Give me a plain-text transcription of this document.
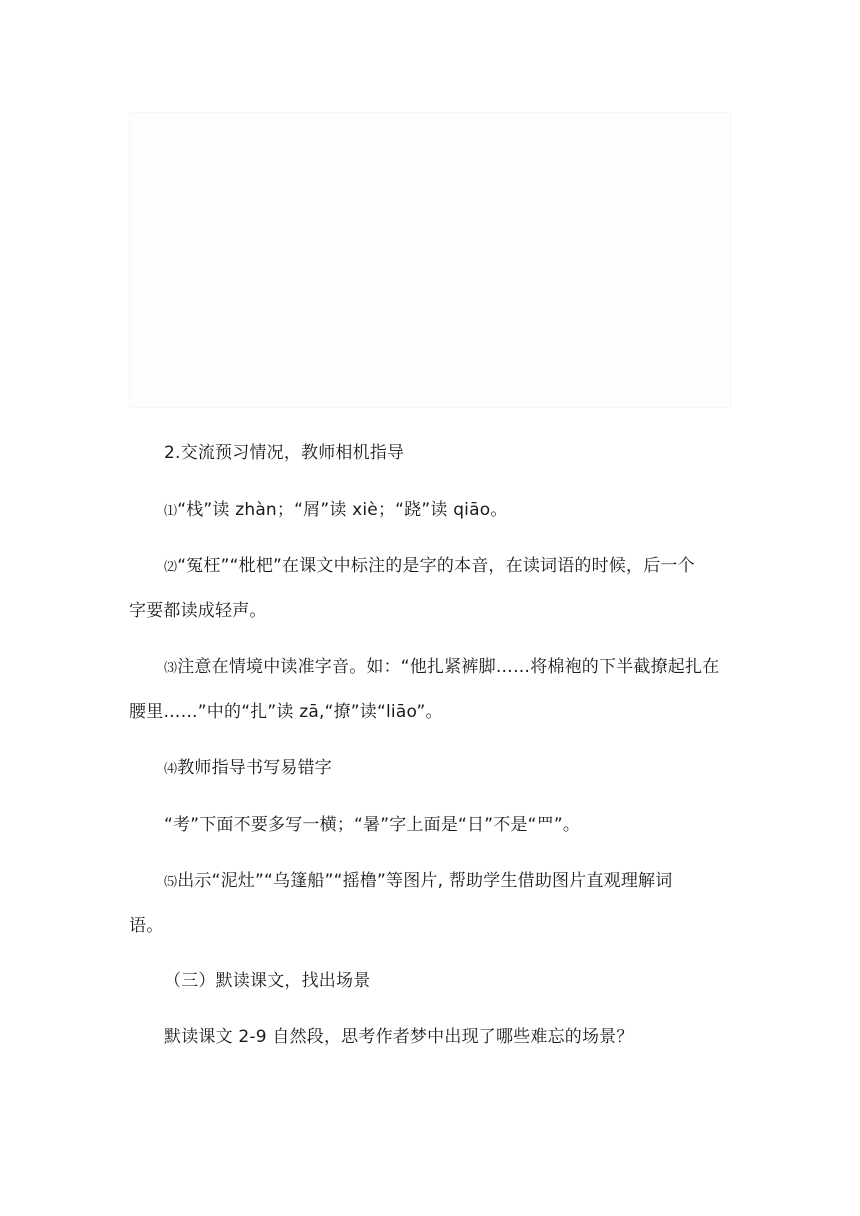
2.交流预习情况，教师相机指导
⑴“栈”读 zhàn；“屑”读 xiè；“跷”读 qiāo。
⑵“冤枉”“枇杷”在课文中标注的是字的本音，在读词语的时候，后一个
字要都读成轻声。
⑶注意在情境中读准字音。如：“他扎紧裤脚……将棉袍的下半截撩起扎在
腰里……”中的“扎”读 zā,“撩”读“liāo”。
⑷教师指导书写易错字
“考”下面不要多写一横；“暑”字上面是“日”不是“罒”。
⑸出示“泥灶”“乌篷船”“摇橹”等图片, 帮助学生借助图片直观理解词
语。
（三）默读课文，找出场景
默读课文 2-9 自然段，思考作者梦中出现了哪些难忘的场景？
